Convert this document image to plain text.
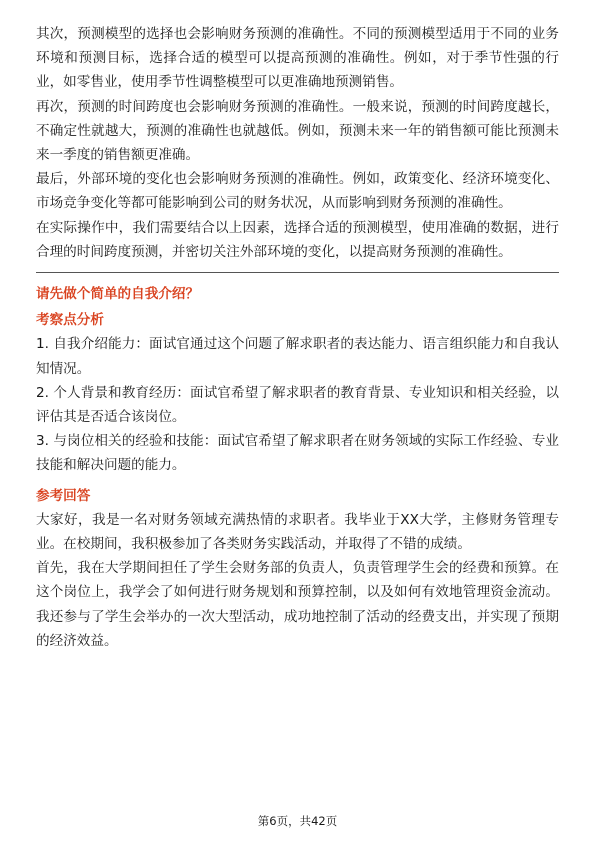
其次，预测模型的选择也会影响财务预测的准确性。不同的预测模型适用于不同的业务环境和预测目标，选择合适的模型可以提高预测的准确性。例如，对于季节性强的行业，如零售业，使用季节性调整模型可以更准确地预测销售。

再次，预测的时间跨度也会影响财务预测的准确性。一般来说，预测的时间跨度越长，不确定性就越大，预测的准确性也就越低。例如，预测未来一年的销售额可能比预测未来一季度的销售额更准确。

最后，外部环境的变化也会影响财务预测的准确性。例如，政策变化、经济环境变化、市场竞争变化等都可能影响到公司的财务状况，从而影响到财务预测的准确性。

在实际操作中，我们需要结合以上因素，选择合适的预测模型，使用准确的数据，进行合理的时间跨度预测，并密切关注外部环境的变化，以提高财务预测的准确性。

请先做个简单的自我介绍？

考察点分析

1. 自我介绍能力：面试官通过这个问题了解求职者的表达能力、语言组织能力和自我认知情况。

2. 个人背景和教育经历：面试官希望了解求职者的教育背景、专业知识和相关经验，以评估其是否适合该岗位。

3. 与岗位相关的经验和技能：面试官希望了解求职者在财务领域的实际工作经验、专业技能和解决问题的能力。

参考回答

大家好，我是一名对财务领域充满热情的求职者。我毕业于XX大学，主修财务管理专业。在校期间，我积极参加了各类财务实践活动，并取得了不错的成绩。

首先，我在大学期间担任了学生会财务部的负责人，负责管理学生会的经费和预算。在这个岗位上，我学会了如何进行财务规划和预算控制，以及如何有效地管理资金流动。我还参与了学生会举办的一次大型活动，成功地控制了活动的经费支出，并实现了预期的经济效益。

第6页，共42页
